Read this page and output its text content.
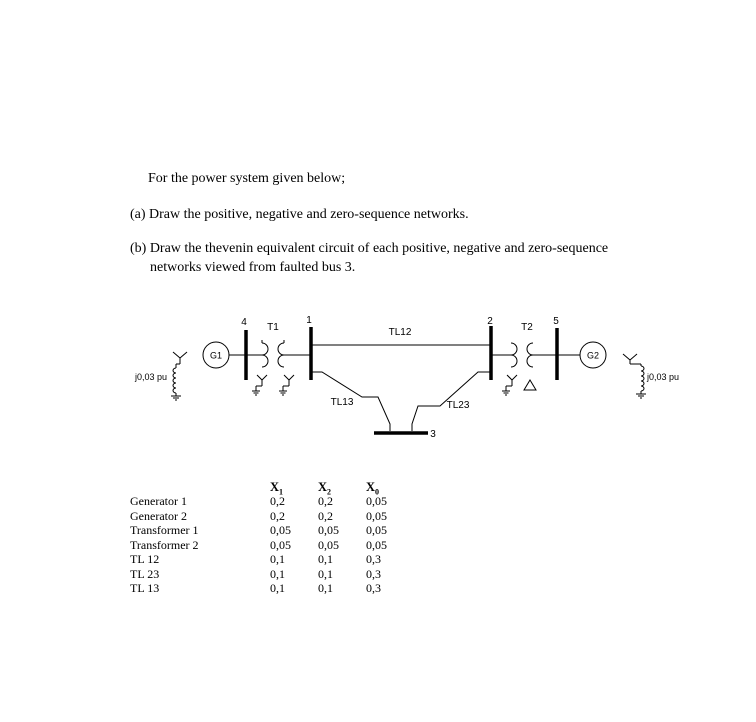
For the power system given below;
(a) Draw the positive, negative and zero-sequence networks.
(b) Draw the thevenin equivalent circuit of each positive, negative and zero-sequence
networks viewed from faulted bus 3.
G1	G2
T1	T2
4	1	2	5
3
TL12
TL13	TL23
j0,03 pu	j0,03 pu
$X_1$	$X_2$	$X_0$
Generator 1	0,2	0,2	0,05
Generator 2	0,2	0,2	0,05
Transformer 1	0,05 0,05 0,05
Transformer 2	0,05 0,05 0,05
TL 12	0,1	0,1	0,3
TL 23	0,1	0,1	0,3
TL 13	0,1	0,1	0,3
